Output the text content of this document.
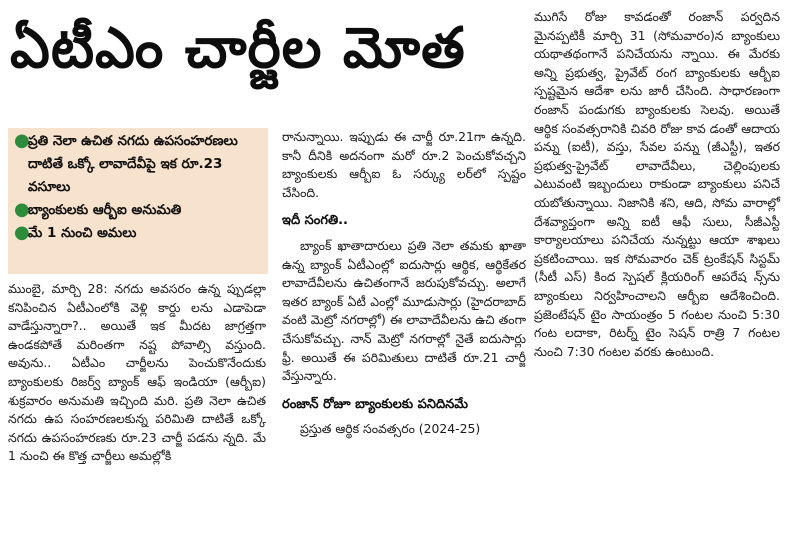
ఏటీఎం చార్జీల మోత
●
ప్రతి నెలా ఉచిత నగదు ఉపసంహరణలు దాటితే ఒక్కో లావాదేవీపై ఇక రూ.23 వసూలు
●
బ్యాంకులకు ఆర్బీఐ అనుమతి
●
మే 1 నుంచి అమలు

ముంబై, మార్చి 28: నగదు అవసరం ఉన్న ప్పుడల్లా కనిపించిన ఏటీఎంలోకి వెళ్లి కార్డు లను ఎడాపెడా వాడేస్తున్నారా?.. అయితే ఇక మీదట జాగ్రత్తగా ఉండకపోతే మరింతగా నష్ట పోవాల్సి వస్తుంది. అవును.. ఏటీఎం చార్జీలను పెంచుకొనేందుకు బ్యాంకులకు రిజర్వ్ బ్యాంక్ ఆఫ్ ఇండియా (ఆర్బీఐ) శుక్రవారం అనుమతి ఇచ్చింది మరి. ప్రతి నెలా ఉచిత నగదు ఉప సంహరణలకున్న పరిమితి దాటితే ఒక్కో నగదు ఉపసంహరణకు రూ.23 చార్జీ పడను న్నది. మే 1 నుంచి ఈ కొత్త చార్జీలు అమల్లోకి

రానున్నాయి. ఇప్పుడు ఈ చార్జీ రూ.21గా ఉన్నది. కానీ దీనికి అదనంగా మరో రూ.2 పెంచుకోవచ్చని బ్యాంకులకు ఆర్బీఐ ఓ సర్క్యు లర్‌లో స్పష్టం చేసింది.

ఇదీ సంగతి..

బ్యాంక్ ఖాతాదారులు ప్రతి నెలా తమకు ఖాతా ఉన్న బ్యాంక్ ఏటీఎంల్లో ఐదుసార్లు ఆర్థిక, ఆర్థికేతర లావాదేవీలను ఉచితంగానే జరుపుకోవచ్చు. అలాగే ఇతర బ్యాంక్ ఏటీ ఎంల్లో మూడుసార్లు (హైదరాబాద్ వంటి మెట్రో నగరాల్లో) ఈ లావాదేవీలను ఉచి తంగా చేసుకోవచ్చు. నాన్ మెట్రో నగరాల్లో నైతే ఐదుసార్లు ఫ్రీ. అయితే ఈ పరిమితులు దాటితే రూ.21 చార్జీ వేస్తున్నారు.

రంజాన్ రోజూ బ్యాంకులకు పనిదినమే

ప్రస్తుత ఆర్థిక సంవత్సరం (2024-25)

ముగిసే రోజు కావడంతో రంజాన్ పర్వదిన మైనప్పటికీ మార్చి 31 (సోమవారం)న బ్యాంకులు యథాతథంగానే పనిచేయను న్నాయి. ఈ మేరకు అన్ని ప్రభుత్వ, ప్రైవేట్ రంగ బ్యాంకులకు ఆర్బీఐ స్పష్టమైన ఆదేశా లను జారీ చేసింది. సాధారణంగా రంజాన్ పండుగకు బ్యాంకులకు సెలవు. అయితే ఆర్థిక సంవత్సరానికి చివరి రోజు కావ డంతో ఆదాయ పన్ను (ఐటీ), వస్తు, సేవల పన్ను (జీఎస్టీ), ఇతర ప్రభుత్వ-ప్రైవేట్ లావాదేవీలు, చెల్లింపులకు ఎటువంటి ఇబ్బందులు రాకుండా బ్యాంకులు పనిచే యబోతున్నాయి. నిజానికి శని, ఆది, సోమ వారాల్లో దేశవ్యాప్తంగా అన్ని ఐటీ ఆఫీ సులు, సీజీఎస్టీ కార్యాలయాలు పనిచేయ నున్నట్టు ఆయా శాఖలు ప్రకటించాయి. ఇక సోమవారం చెక్ ట్రంకేషన్ సిస్టమ్ (సీటీ ఎస్) కింద స్పెషల్ క్లియరింగ్ ఆపరేష న్స్‌ను బ్యాంకులు నిర్వహించాలని ఆర్బీఐ ఆదేశించింది. ప్రజెంటేషన్ టైం సాయంత్రం 5 గంటల నుంచి 5:30 గంట లదాకా, రిటర్న్ టైం సెషన్ రాత్రి 7 గంటల నుంచి 7:30 గంటల వరకు ఉంటుంది.
